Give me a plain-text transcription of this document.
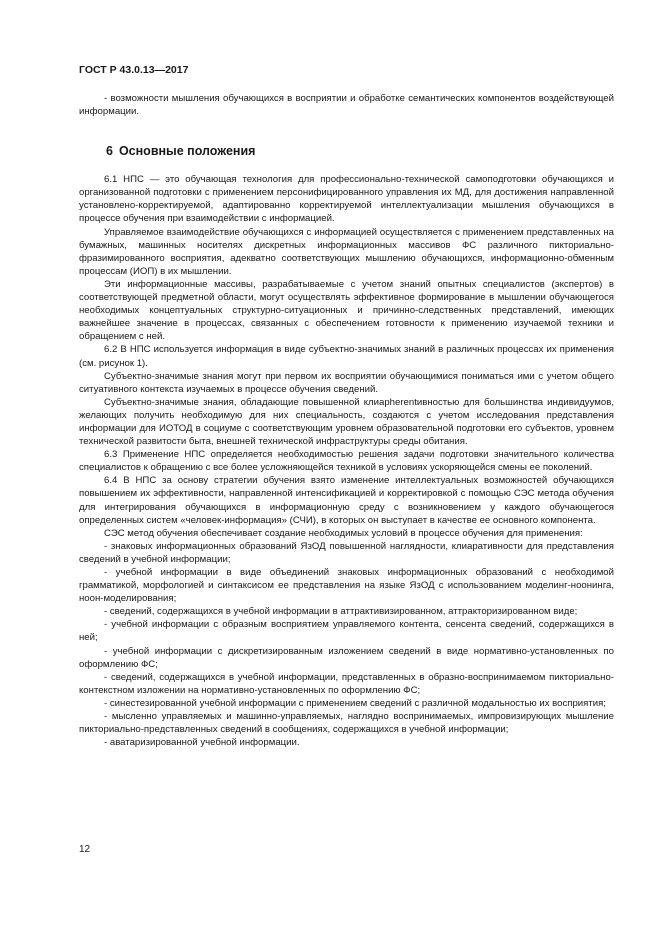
ГОСТ Р 43.0.13—2017

- возможности мышления обучающихся в восприятии и обработке семантических компонентов воздействующей информации.

6 Основные положения

6.1 НПС — это обучающая технология для профессионально-технической самоподготовки обучающихся и организованной подготовки с применением персонифицированного управления их МД, для достижения направленной установлено-корректируемой, адаптированно корректируемой интеллектуализации мышления обучающихся в процессе обучения при взаимодействии с информацией.

Управляемое взаимодействие обучающихся с информацией осуществляется с применением представленных на бумажных, машинных носителях дискретных информационных массивов ФС различного пикториально-фразимированного восприятия, адекватно соответствующих мышлению обучающихся, информационно-обменным процессам (ИОП) в их мышлении.

Эти информационные массивы, разрабатываемые с учетом знаний опытных специалистов (экспертов) в соответствующей предметной области, могут осуществлять эффективное формирование в мышлении обучающегося необходимых концептуальных структурно-ситуационных и причинно-следственных представлений, имеющих важнейшее значение в процессах, связанных с обеспечением готовности к применению изучаемой техники и обращением с ней.

6.2 В НПС используется информация в виде субъектно-значимых знаний в различных процессах их применения (см. рисунок 1).

Субъектно-значимые знания могут при первом их восприятии обучающимися пониматься ими с учетом общего ситуативного контекста изучаемых в процессе обучения сведений.

Субъектно-значимые знания, обладающие повышенной клиарherentивностью для большинства индивидуумов, желающих получить необходимую для них специальность, создаются с учетом исследования представления информации для ИОТОД в социуме с соответствующим уровнем образовательной подготовки его субъектов, уровнем технической развитости быта, внешней технической инфраструктуры среды обитания.

6.3 Применение НПС определяется необходимостью решения задачи подготовки значительного количества специалистов к обращению с все более усложняющейся техникой в условиях ускоряющейся смены ее поколений.

6.4 В НПС за основу стратегии обучения взято изменение интеллектуальных возможностей обучающихся повышением их эффективности, направленной интенсификацией и корректировкой с помощью СЭС метода обучения для интегрирования обучающихся в информационную среду с возникновением у каждого обучающегося определенных систем «человек-информация» (СЧИ), в которых он выступает в качестве ее основного компонента.

СЭС метод обучения обеспечивает создание необходимых условий в процессе обучения для применения:

- знаковых информационных образований ЯзОД повышенной наглядности, клиаративности для представления сведений в учебной информации;

- учебной информации в виде объединений знаковых информационных образований с необходимой грамматикой, морфологией и синтаксисом ее представления на языке ЯзОД с использованием моделинг-ноонинга, ноон-моделирования;

- сведений, содержащихся в учебной информации в аттрактивизированном, аттракторизированном виде;

- учебной информации с образным восприятием управляемого контента, сенсента сведений, содержащихся в ней;

- учебной информации с дискретизированным изложением сведений в виде нормативно-установленных по оформлению ФС;

- сведений, содержащихся в учебной информации, представленных в образно-воспринимаемом пикториально-контекстном изложении на нормативно-установленных по оформлению ФС;

- синестезированной учебной информации с применением сведений с различной модальностью их восприятия;

- мысленно управляемых и машинно-управляемых, наглядно воспринимаемых, импровизирующих мышление пикториально-представленных сведений в сообщениях, содержащихся в учебной информации;

- аватаризированной учебной информации.

12
